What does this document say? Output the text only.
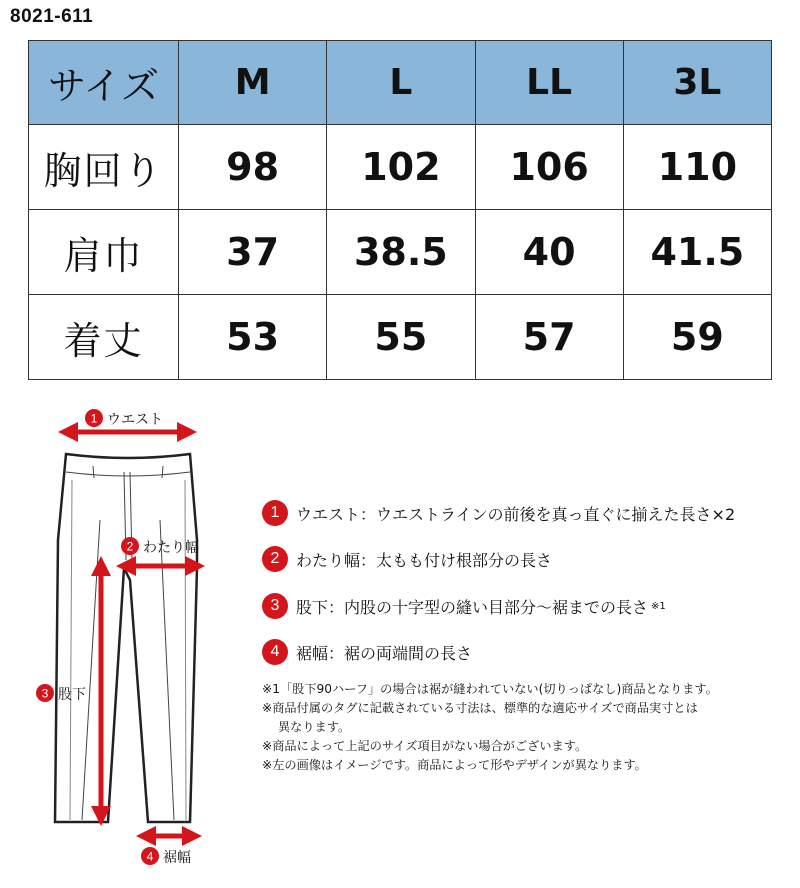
8021-611
サイズ	M	L	LL	3L
胸回り	98	102	106	110
肩巾	37	38.5	40	41.5
着丈	53	55	57	59
1 ウエスト
2 わたり幅
3 股下
4 裾幅
1	ウエスト ：ウエストラインの前後を真っ直ぐに揃えた長さ×2
2	わたり幅 ：太もも付け根部分の長さ
3	股下 ：内股の十字型の縫い目部分〜裾までの長さ ※1
4	裾幅 ：裾の両端間の長さ
※1「股下90ハーフ」の場合は裾が縫われていない(切りっぱなし)商品となります。
※商品付属のタグに記載されている寸法は、標準的な適応サイズで商品実寸とは
異なります。
※商品によって上記のサイズ項目がない場合がございます。
※左の画像はイメージです。商品によって形やデザインが異なります。
